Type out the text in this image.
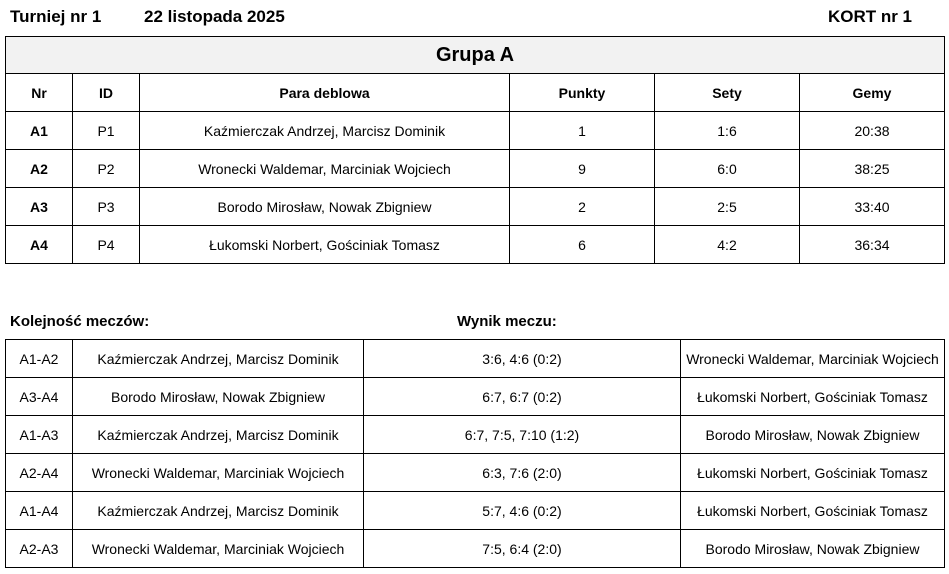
Turniej nr 1	22 listopada 2025	KORT nr 1
Grupa A					
Nr	ID	Para deblowa	Punkty	Sety	Gemy
A1	P1	Kaźmierczak Andrzej, Marcisz Dominik	1	1:6	20:38
A2	P2	Wronecki Waldemar, Marciniak Wojciech	9	6:0	38:25
A3	P3	Borodo Mirosław, Nowak Zbigniew	2	2:5	33:40
A4	P4	Łukomski Norbert, Gościniak Tomasz	6	4:2	36:34
Kolejność meczów:	Wynik meczu:
A1-A2	Kaźmierczak Andrzej, Marcisz Dominik	3:6, 4:6 (0:2)	Wronecki Waldemar, Marciniak Wojciech
A3-A4	Borodo Mirosław, Nowak Zbigniew	6:7, 6:7 (0:2)	Łukomski Norbert, Gościniak Tomasz
A1-A3	Kaźmierczak Andrzej, Marcisz Dominik	6:7, 7:5, 7:10 (1:2)	Borodo Mirosław, Nowak Zbigniew
A2-A4	Wronecki Waldemar, Marciniak Wojciech	6:3, 7:6 (2:0)	Łukomski Norbert, Gościniak Tomasz
A1-A4	Kaźmierczak Andrzej, Marcisz Dominik	5:7, 4:6 (0:2)	Łukomski Norbert, Gościniak Tomasz
A2-A3	Wronecki Waldemar, Marciniak Wojciech	7:5, 6:4 (2:0)	Borodo Mirosław, Nowak Zbigniew
